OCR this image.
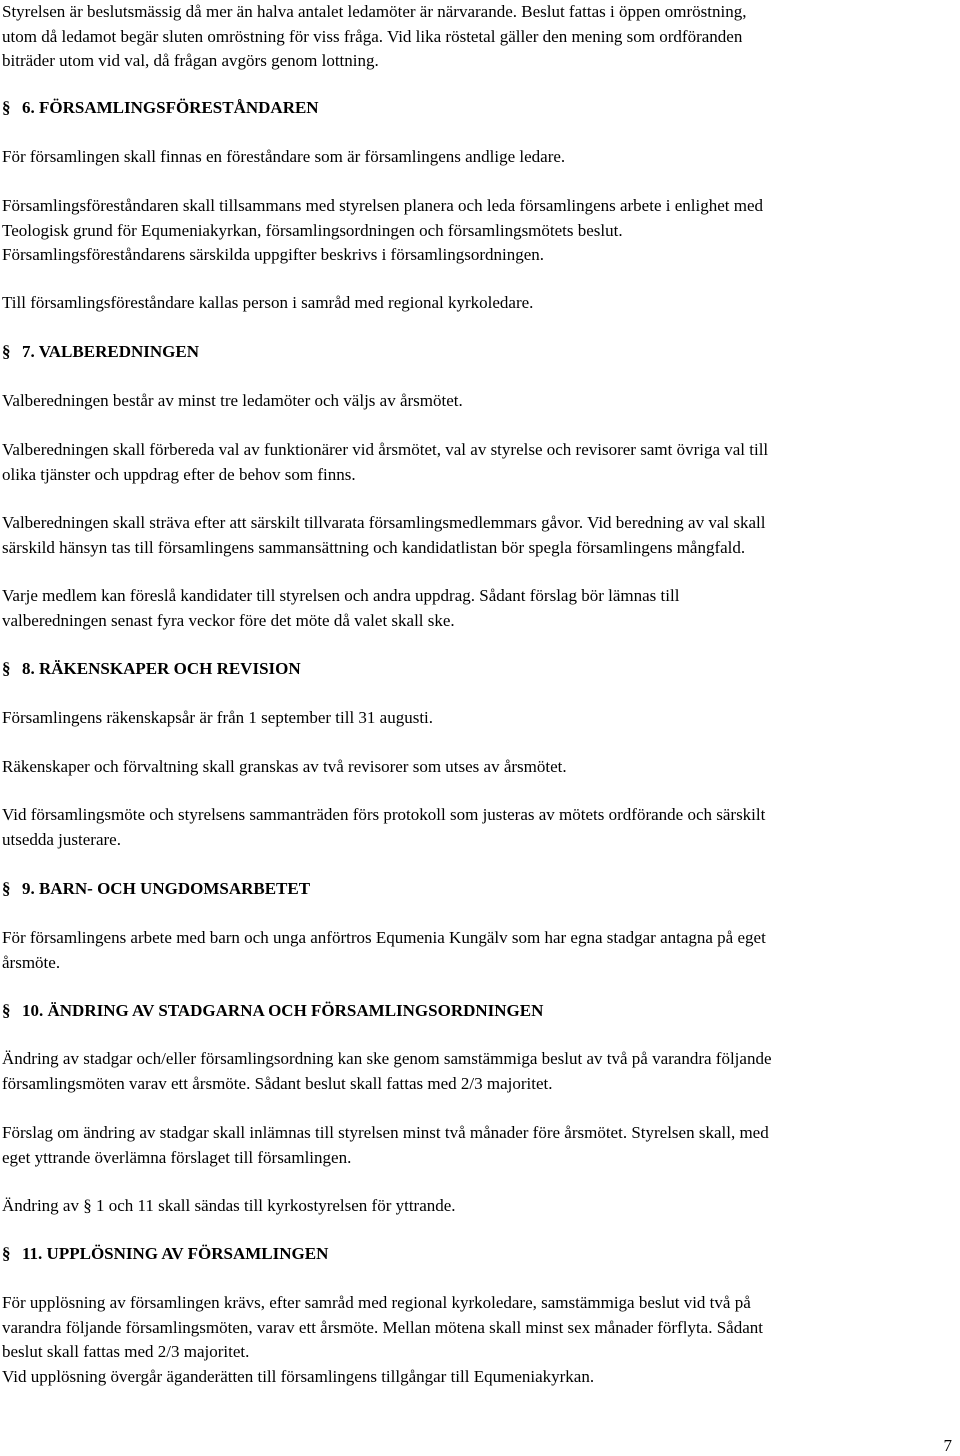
Styrelsen är beslutsmässig då mer än halva antalet ledamöter är närvarande. Beslut fattas i öppen omröstning,
utom då ledamot begär sluten omröstning för viss fråga. Vid lika röstetal gäller den mening som ordföranden
biträder utom vid val, då frågan avgörs genom lottning.
§ 6. FÖRSAMLINGSFÖRESTÅNDAREN
För församlingen skall finnas en föreståndare som är församlingens andlige ledare.
Församlingsföreståndaren skall tillsammans med styrelsen planera och leda församlingens arbete i enlighet med
Teologisk grund för Equmeniakyrkan, församlingsordningen och församlingsmötets beslut.
Församlingsföreståndarens särskilda uppgifter beskrivs i församlingsordningen.
Till församlingsföreståndare kallas person i samråd med regional kyrkoledare.
§ 7. VALBEREDNINGEN
Valberedningen består av minst tre ledamöter och väljs av årsmötet.
Valberedningen skall förbereda val av funktionärer vid årsmötet, val av styrelse och revisorer samt övriga val till
olika tjänster och uppdrag efter de behov som finns.
Valberedningen skall sträva efter att särskilt tillvarata församlingsmedlemmars gåvor. Vid beredning av val skall
särskild hänsyn tas till församlingens sammansättning och kandidatlistan bör spegla församlingens mångfald.
Varje medlem kan föreslå kandidater till styrelsen och andra uppdrag. Sådant förslag bör lämnas till
valberedningen senast fyra veckor före det möte då valet skall ske.
§ 8. RÄKENSKAPER OCH REVISION
Församlingens räkenskapsår är från 1 september till 31 augusti.
Räkenskaper och förvaltning skall granskas av två revisorer som utses av årsmötet.
Vid församlingsmöte och styrelsens sammanträden förs protokoll som justeras av mötets ordförande och särskilt
utsedda justerare.
§ 9. BARN- OCH UNGDOMSARBETET
För församlingens arbete med barn och unga anförtros Equmenia Kungälv som har egna stadgar antagna på eget
årsmöte.
§ 10. ÄNDRING AV STADGARNA OCH FÖRSAMLINGSORDNINGEN
Ändring av stadgar och/eller församlingsordning kan ske genom samstämmiga beslut av två på varandra följande
församlingsmöten varav ett årsmöte. Sådant beslut skall fattas med 2/3 majoritet.
Förslag om ändring av stadgar skall inlämnas till styrelsen minst två månader före årsmötet. Styrelsen skall, med
eget yttrande överlämna förslaget till församlingen.
Ändring av § 1 och 11 skall sändas till kyrkostyrelsen för yttrande.
§ 11. UPPLÖSNING AV FÖRSAMLINGEN
För upplösning av församlingen krävs, efter samråd med regional kyrkoledare, samstämmiga beslut vid två på
varandra följande församlingsmöten, varav ett årsmöte. Mellan mötena skall minst sex månader förflyta. Sådant
beslut skall fattas med 2/3 majoritet.
Vid upplösning övergår äganderätten till församlingens tillgångar till Equmeniakyrkan.
7
